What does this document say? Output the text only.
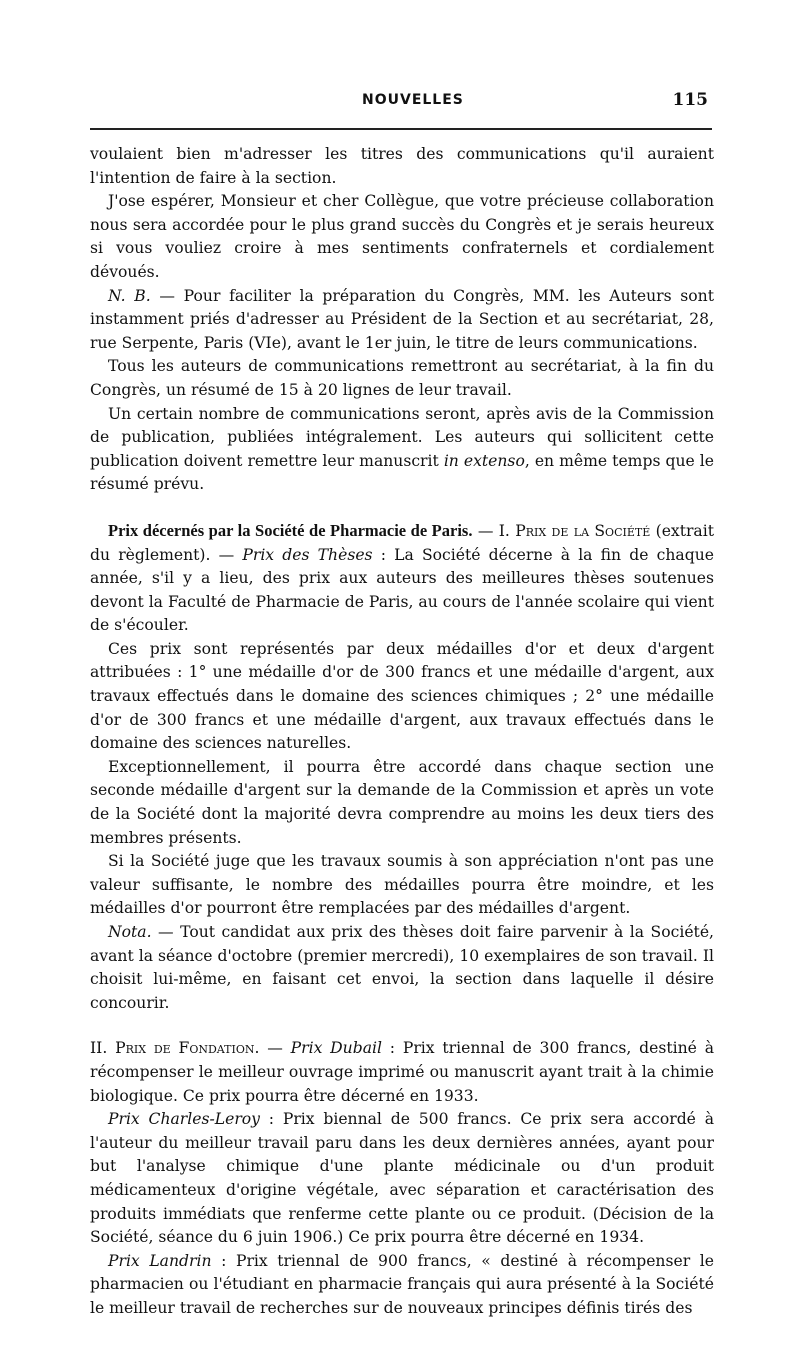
NOUVELLES	115

voulaient bien m'adresser les titres des communications qu'il auraient l'intention de faire à la section.

J'ose espérer, Monsieur et cher Collègue, que votre précieuse collaboration nous sera accordée pour le plus grand succès du Congrès et je serais heureux si vous vouliez croire à mes sentiments confraternels et cordialement dévoués.

N. B. — Pour faciliter la préparation du Congrès, MM. les Auteurs sont instamment priés d'adresser au Président de la Section et au secrétariat, 28, rue Serpente, Paris (VIe), avant le 1er juin, le titre de leurs communications.

Tous les auteurs de communications remettront au secrétariat, à la fin du Congrès, un résumé de 15 à 20 lignes de leur travail.

Un certain nombre de communications seront, après avis de la Commission de publication, publiées intégralement. Les auteurs qui sollicitent cette publication doivent remettre leur manuscrit in extenso, en même temps que le résumé prévu.

Prix décernés par la Société de Pharmacie de Paris. — I. Prix de la Société (extrait du règlement). — Prix des Thèses : La Société décerne à la fin de chaque année, s'il y a lieu, des prix aux auteurs des meilleures thèses soutenues devont la Faculté de Pharmacie de Paris, au cours de l'année scolaire qui vient de s'écouler.

Ces prix sont représentés par deux médailles d'or et deux d'argent attribuées : 1° une médaille d'or de 300 francs et une médaille d'argent, aux travaux effectués dans le domaine des sciences chimiques ; 2° une médaille d'or de 300 francs et une médaille d'argent, aux travaux effectués dans le domaine des sciences naturelles.

Exceptionnellement, il pourra être accordé dans chaque section une seconde médaille d'argent sur la demande de la Commission et après un vote de la Société dont la majorité devra comprendre au moins les deux tiers des membres présents.

Si la Société juge que les travaux soumis à son appréciation n'ont pas une valeur suffisante, le nombre des médailles pourra être moindre, et les médailles d'or pourront être remplacées par des médailles d'argent.

Nota. — Tout candidat aux prix des thèses doit faire parvenir à la Société, avant la séance d'octobre (premier mercredi), 10 exemplaires de son travail. Il choisit lui-même, en faisant cet envoi, la section dans laquelle il désire concourir.

II. Prix de Fondation. — Prix Dubail : Prix triennal de 300 francs, destiné à récompenser le meilleur ouvrage imprimé ou manuscrit ayant trait à la chimie biologique. Ce prix pourra être décerné en 1933.

Prix Charles-Leroy : Prix biennal de 500 francs. Ce prix sera accordé à l'auteur du meilleur travail paru dans les deux dernières années, ayant pour but l'analyse chimique d'une plante médicinale ou d'un produit médicamenteux d'origine végétale, avec séparation et caractérisation des produits immédiats que renferme cette plante ou ce produit. (Décision de la Société, séance du 6 juin 1906.) Ce prix pourra être décerné en 1934.

Prix Landrin : Prix triennal de 900 francs, « destiné à récompenser le pharmacien ou l'étudiant en pharmacie français qui aura présenté à la Société le meilleur travail de recherches sur de nouveaux principes définis tirés des
